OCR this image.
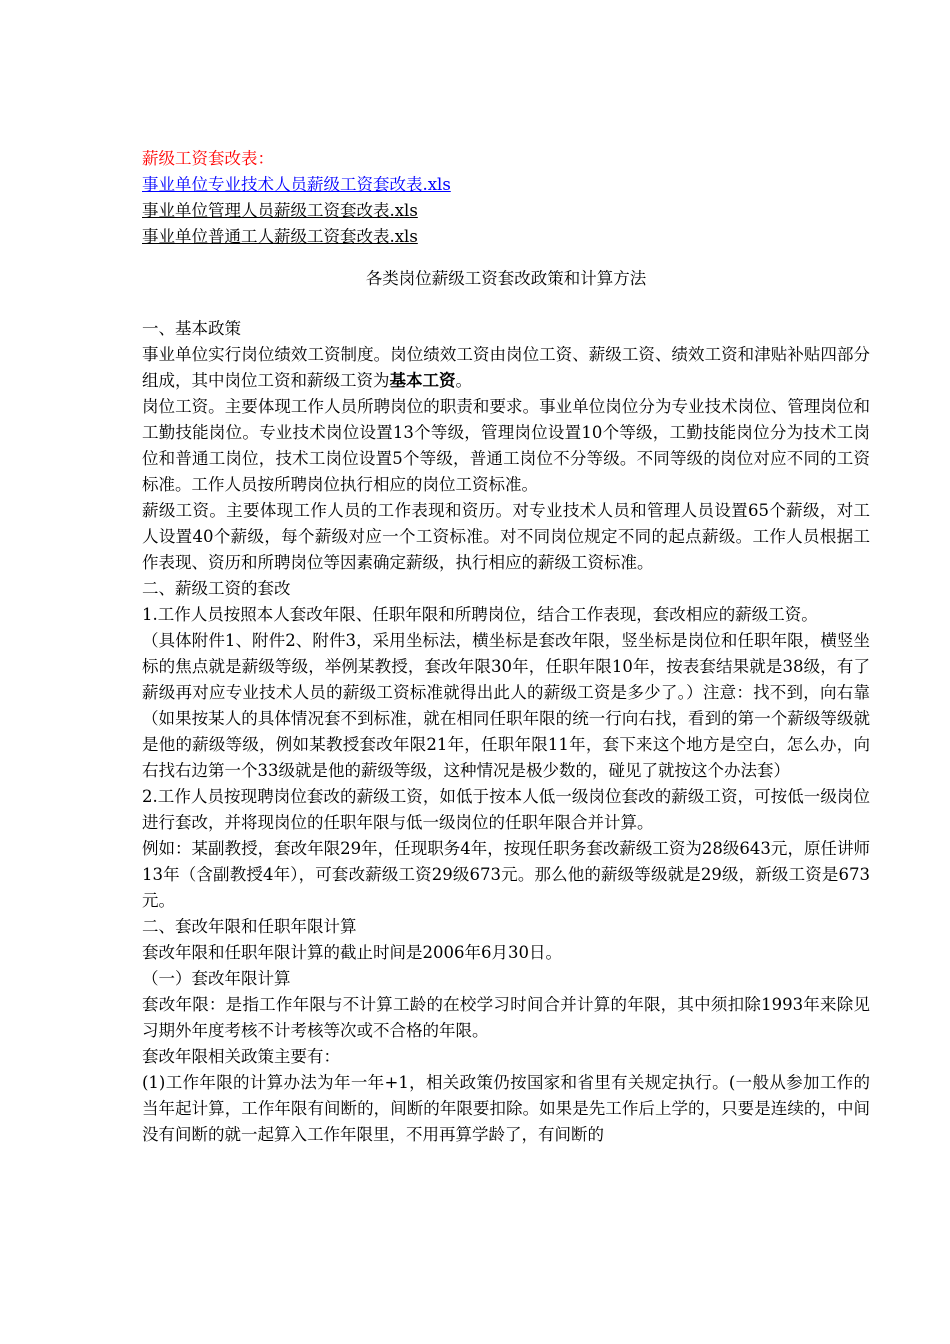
薪级工资套改表：
事业单位专业技术人员薪级工资套改表.xls
事业单位管理人员薪级工资套改表.xls
事业单位普通工人薪级工资套改表.xls
各类岗位薪级工资套改政策和计算方法
一、基本政策
事业单位实行岗位绩效工资制度。岗位绩效工资由岗位工资、薪级工资、绩效工资和津贴补贴四部分组成，其中岗位工资和薪级工资为基本工资。
岗位工资。主要体现工作人员所聘岗位的职责和要求。事业单位岗位分为专业技术岗位、管理岗位和工勤技能岗位。专业技术岗位设置13个等级，管理岗位设置10个等级，工勤技能岗位分为技术工岗位和普通工岗位，技术工岗位设置5个等级，普通工岗位不分等级。不同等级的岗位对应不同的工资标准。工作人员按所聘岗位执行相应的岗位工资标准。
薪级工资。主要体现工作人员的工作表现和资历。对专业技术人员和管理人员设置65个薪级，对工人设置40个薪级，每个薪级对应一个工资标准。对不同岗位规定不同的起点薪级。工作人员根据工作表现、资历和所聘岗位等因素确定薪级，执行相应的薪级工资标准。
二、薪级工资的套改
1.工作人员按照本人套改年限、任职年限和所聘岗位，结合工作表现，套改相应的薪级工资。
（具体附件1、附件2、附件3，采用坐标法，横坐标是套改年限，竖坐标是岗位和任职年限，横竖坐标的焦点就是薪级等级，举例某教授，套改年限30年，任职年限10年，按表套结果就是38级，有了薪级再对应专业技术人员的薪级工资标准就得出此人的薪级工资是多少了。）注意：找不到，向右靠（如果按某人的具体情况套不到标准，就在相同任职年限的统一行向右找，看到的第一个薪级等级就是他的薪级等级，例如某教授套改年限21年，任职年限11年，套下来这个地方是空白，怎么办，向右找右边第一个33级就是他的薪级等级，这种情况是极少数的，碰见了就按这个办法套）
2.工作人员按现聘岗位套改的薪级工资，如低于按本人低一级岗位套改的薪级工资，可按低一级岗位进行套改，并将现岗位的任职年限与低一级岗位的任职年限合并计算。
例如：某副教授，套改年限29年，任现职务4年，按现任职务套改薪级工资为28级643元，原任讲师13年（含副教授4年），可套改薪级工资29级673元。那么他的薪级等级就是29级，新级工资是673元。
二、套改年限和任职年限计算
套改年限和任职年限计算的截止时间是2006年6月30日。
（一）套改年限计算
套改年限：是指工作年限与不计算工龄的在校学习时间合并计算的年限，其中须扣除1993年来除见习期外年度考核不计考核等次或不合格的年限。
套改年限相关政策主要有：
(1)工作年限的计算办法为年一年+1，相关政策仍按国家和省里有关规定执行。(一般从参加工作的当年起计算，工作年限有间断的，间断的年限要扣除。如果是先工作后上学的，只要是连续的，中间没有间断的就一起算入工作年限里，不用再算学龄了，有间断的
